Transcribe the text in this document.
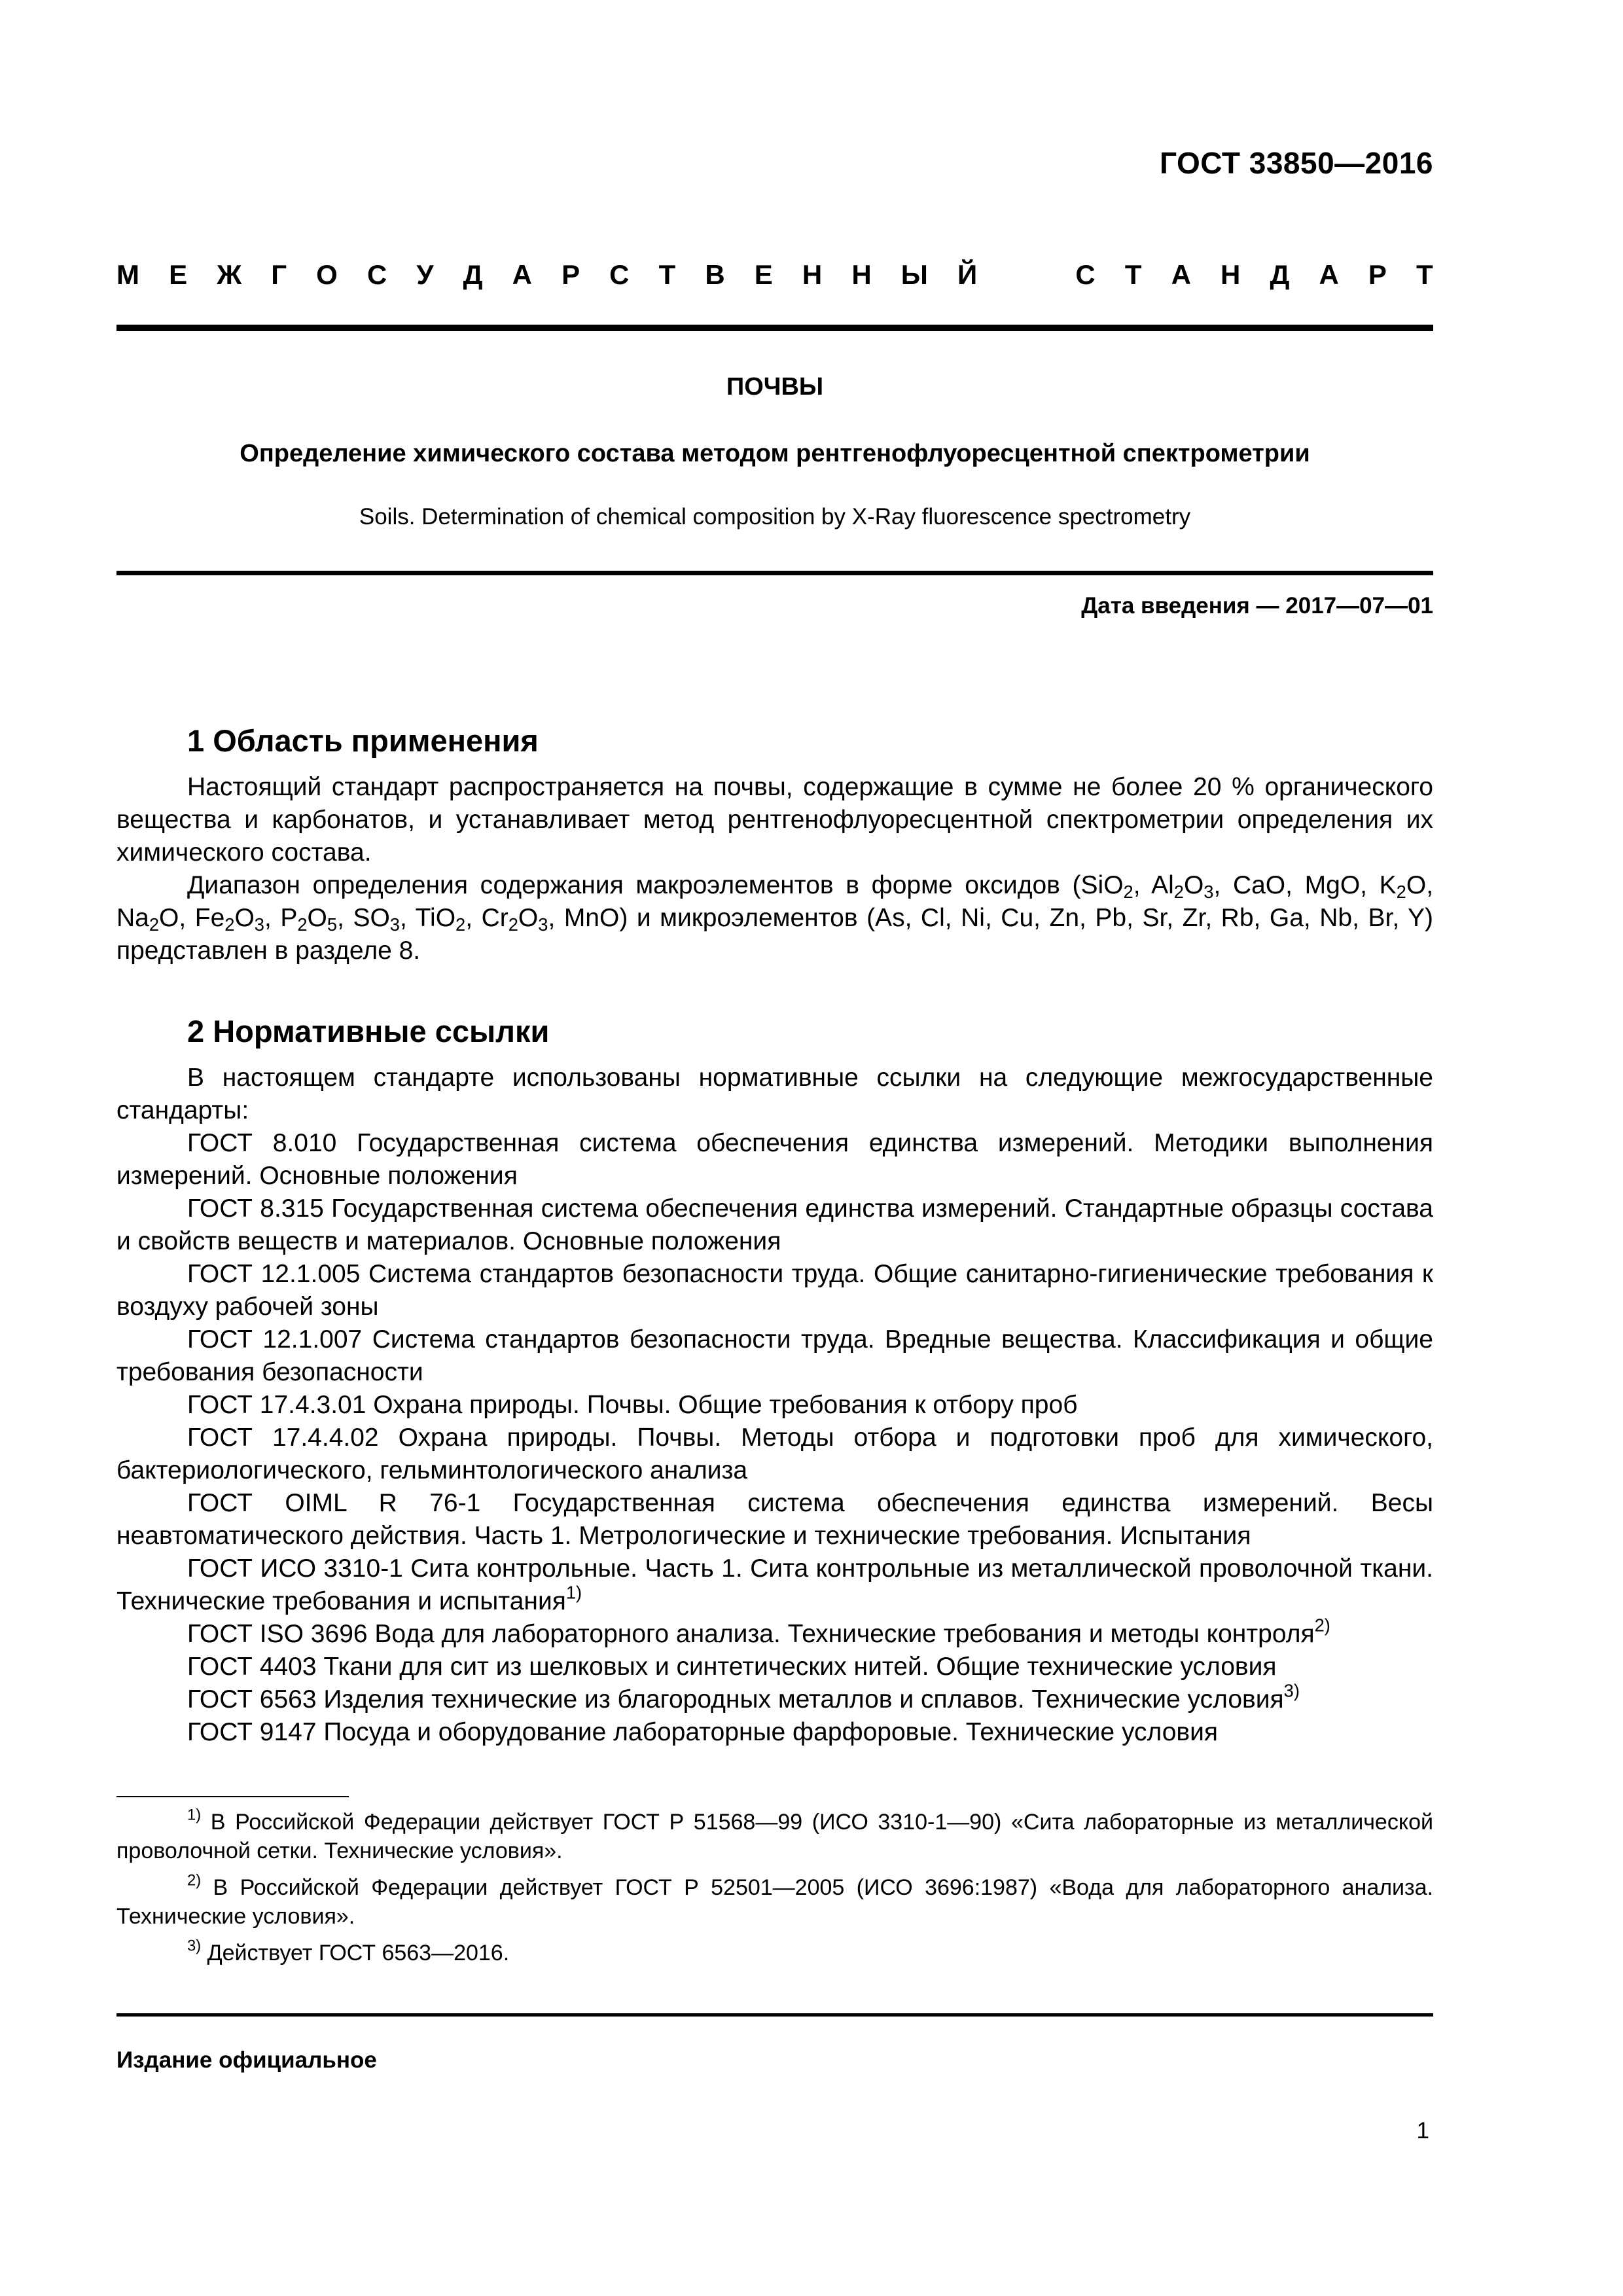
ГОСТ 33850—2016
М Е Ж Г О С У Д А Р С Т В Е Н Н Ы Й	С Т А Н Д А Р Т
ПОЧВЫ
Определение химического состава методом рентгенофлуоресцентной спектрометрии
Soils. Determination of chemical composition by X-Ray fluorescence spectrometry
Дата введения — 2017—07—01
1 Область применения

Настоящий стандарт распространяется на почвы, содержащие в сумме не более 20 % органического вещества и карбонатов, и устанавливает метод рентгенофлуоресцентной спектрометрии определения их химического состава.

Диапазон определения содержания макроэлементов в форме оксидов (SiO$_2$, $Al_2O_3$, CaO, MgO, $K_2O$, $Na_2O$, $Fe_2O_3$, $P_2O_5$, $SO_3$, TiO$_2$, $Cr_2O_3$, MnO) и микроэлементов (As, Cl, Ni, Cu, Zn, Pb, Sr, Zr, Rb, Ga, Nb, Br, Y) представлен в разделе 8.

2 Нормативные ссылки

В настоящем стандарте использованы нормативные ссылки на следующие межгосударственные стандарты:

ГОСТ 8.010 Государственная система обеспечения единства измерений. Методики выполнения измерений. Основные положения

ГОСТ 8.315 Государственная система обеспечения единства измерений. Стандартные образцы состава и свойств веществ и материалов. Основные положения

ГОСТ 12.1.005 Система стандартов безопасности труда. Общие санитарно-гигиенические требования к воздуху рабочей зоны

ГОСТ 12.1.007 Система стандартов безопасности труда. Вредные вещества. Классификация и общие требования безопасности

ГОСТ 17.4.3.01 Охрана природы. Почвы. Общие требования к отбору проб

ГОСТ 17.4.4.02 Охрана природы. Почвы. Методы отбора и подготовки проб для химического, бактериологического, гельминтологического анализа

ГОСТ OIML R 76-1 Государственная система обеспечения единства измерений. Весы неавтоматического действия. Часть 1. Метрологические и технические требования. Испытания

ГОСТ ИСО 3310-1 Сита контрольные. Часть 1. Сита контрольные из металлической проволочной ткани. Технические требования и испытания$^{1)}$

ГОСТ ISO 3696 Вода для лабораторного анализа. Технические требования и методы контроля$^{2)}$

ГОСТ 4403 Ткани для сит из шелковых и синтетических нитей. Общие технические условия

ГОСТ 6563 Изделия технические из благородных металлов и сплавов. Технические условия$^{3)}$

ГОСТ 9147 Посуда и оборудование лабораторные фарфоровые. Технические условия

$^{1)}$ В Российской Федерации действует ГОСТ Р 51568—99 (ИСО 3310-1—90) «Сита лабораторные из металлической проволочной сетки. Технические условия».

$^{2)}$ В Российской Федерации действует ГОСТ Р 52501—2005 (ИСО 3696:1987) «Вода для лабораторного анализа. Технические условия».

$^{3)}$ Действует ГОСТ 6563—2016.

Издание официальное
1
